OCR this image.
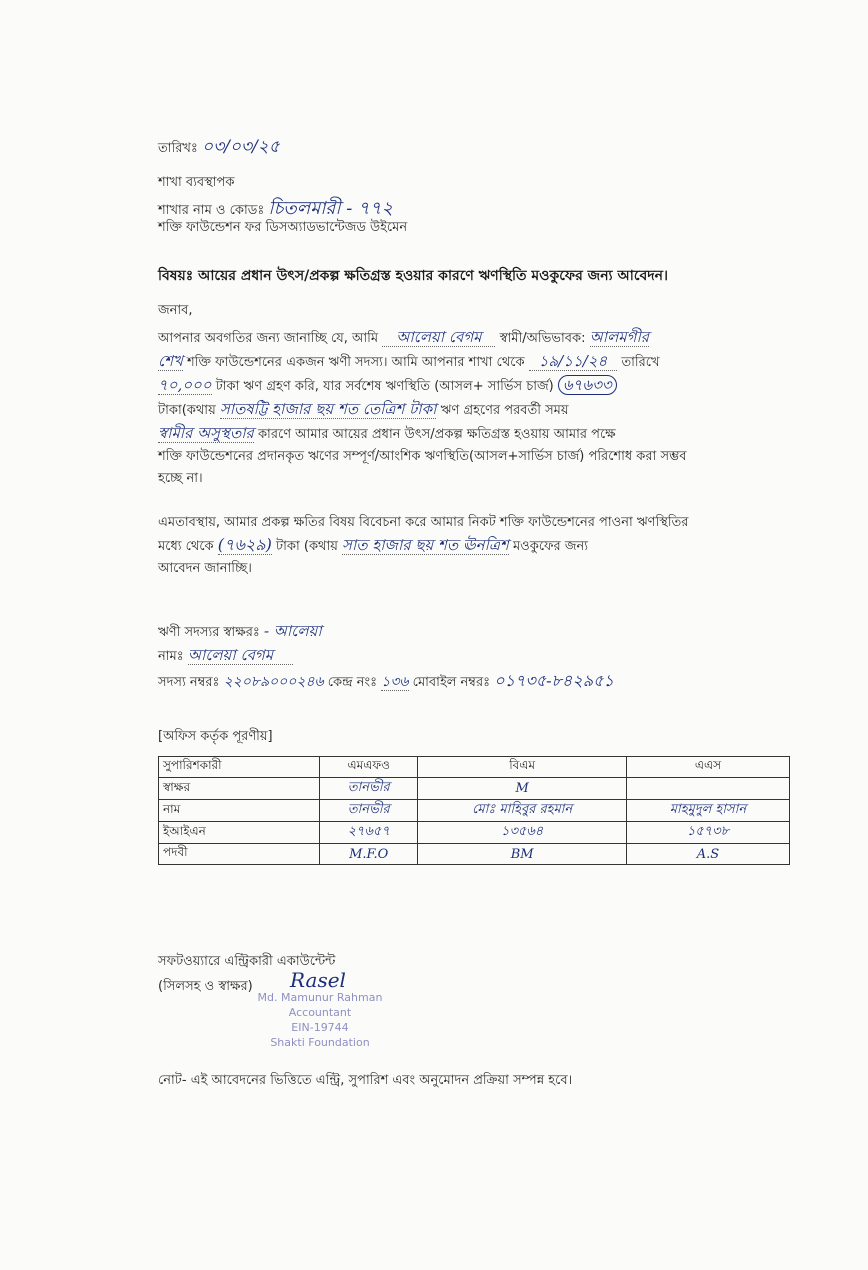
তারিখঃ ০৩/০৩/২৫
শাখা ব্যবস্থাপক
শাখার নাম ও কোডঃ চিতলমারী - ৭৭২
শক্তি ফাউন্ডেশন ফর ডিসঅ্যাডভান্টেজড উইমেন
বিষয়ঃ আয়ের প্রধান উৎস/প্রকল্প ক্ষতিগ্রস্ত হওয়ার কারণে ঋণস্থিতি মওকুফের জন্য আবেদন।
জনাব,
আপনার অবগতির জন্য জানাচ্ছি যে, আমি আলেয়া বেগম স্বামী/অভিভাবক: আলমগীর
শেখ শক্তি ফাউন্ডেশনের একজন ঋণী সদস্য। আমি আপনার শাখা থেকে ১৯/১১/২৪ তারিখে
৭০,০০০ টাকা ঋণ গ্রহণ করি, যার সর্বশেষ ঋণস্থিতি (আসল+ সার্ভিস চার্জ) ৬৭৬৩৩
টাকা(কথায় সাতষট্টি হাজার ছয় শত তেত্রিশ টাকা ঋণ গ্রহণের পরবর্তী সময়
স্বামীর অসুস্থতার কারণে আমার আয়ের প্রধান উৎস/প্রকল্প ক্ষতিগ্রস্ত হওয়ায় আমার পক্ষে
শক্তি ফাউন্ডেশনের প্রদানকৃত ঋণের সম্পূর্ণ/আংশিক ঋণস্থিতি(আসল+সার্ভিস চার্জ) পরিশোধ করা সম্ভব
হচ্ছে না।
এমতাবস্থায়, আমার প্রকল্প ক্ষতির বিষয় বিবেচনা করে আমার নিকট শক্তি ফাউন্ডেশনের পাওনা ঋণস্থিতির
মধ্যে থেকে (৭৬২৯) টাকা (কথায় সাত হাজার ছয় শত ঊনত্রিশ মওকুফের জন্য
আবেদন জানাচ্ছি।
ঋণী সদস্যর স্বাক্ষরঃ - আলেয়া
নামঃ আলেয়া বেগম
সদস্য নম্বরঃ ২২০৮৯০০০২৪৬ কেন্দ্র নংঃ ১৩৬ মোবাইল নম্বরঃ ০১৭৩৫-৮৪২৯৫১
[অফিস কর্তৃক পূরণীয়]
সুপারিশকারী	এমএফও	বিএম	এএস
স্বাক্ষর	তানভীর	M	
নাম	তানভীর	মোঃ মাহিবুর রহমান	মাহমুদুল হাসান
ইআইএন	২৭৬৫৭	১৩৫৬৪	১৫৭৩৮
পদবী	M.F.O	BM	A.S
সফটওয়্যারে এন্ট্রিকারী একাউন্টেন্ট
(সিলসহ ও স্বাক্ষর) Rasel
Md. Mamunur Rahman
Accountant
EIN-19744
Shakti Foundation
নোট- এই আবেদনের ভিত্তিতে এন্ট্রি, সুপারিশ এবং অনুমোদন প্রক্রিয়া সম্পন্ন হবে।
